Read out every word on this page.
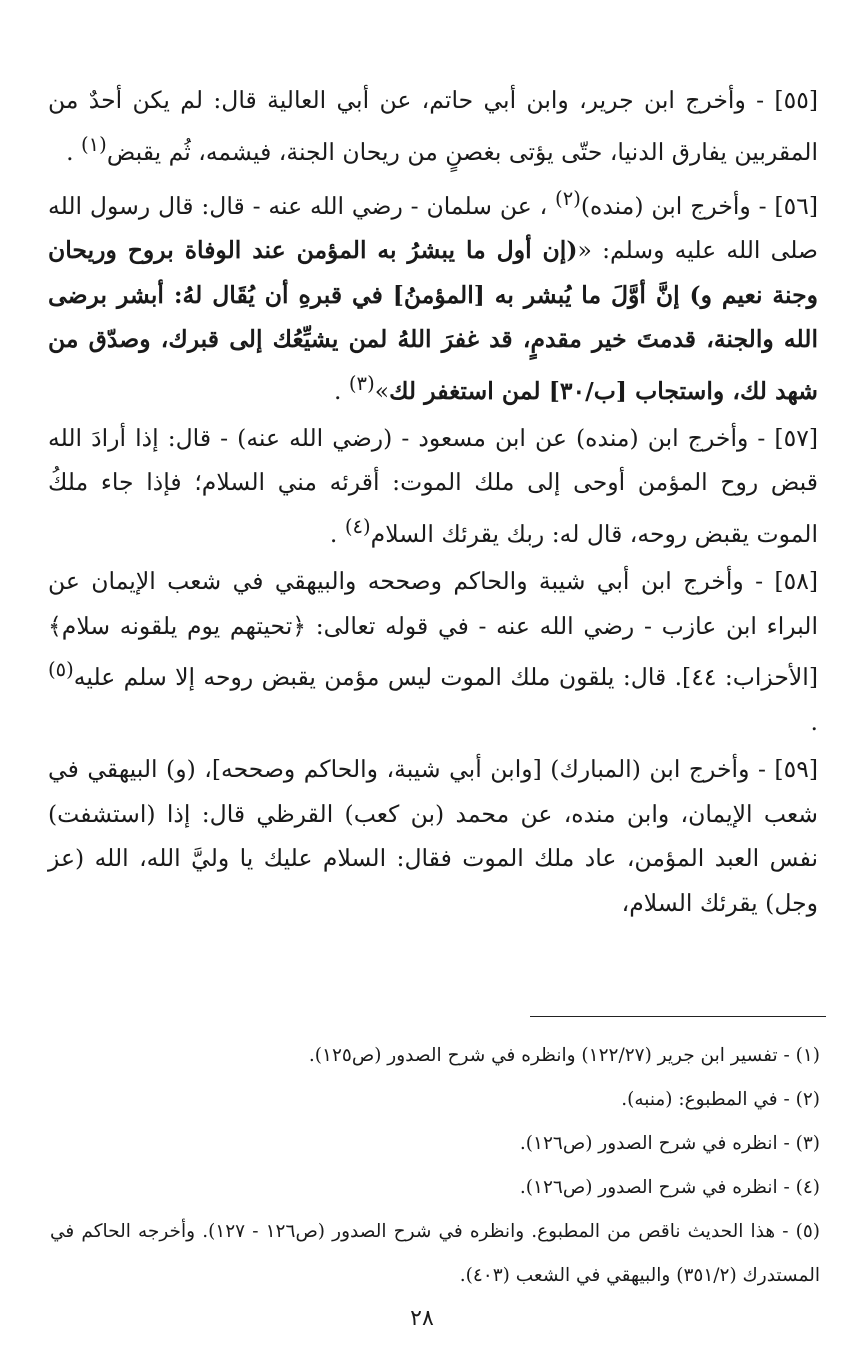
[٥٥] - وأخرج ابن جرير، وابن أبي حاتم، عن أبي العالية قال: لم يكن أحدٌ من المقربين يفارق الدنيا، حتّى يؤتى بغصنٍ من ريحان الجنة، فيشمه، ثُم يقبض$^{(١)}$ .

[٥٦] - وأخرج ابن (منده)$^{(٢)}$ ، عن سلمان - رضي الله عنه - قال: قال رسول الله صلى الله عليه وسلم: «(إن أول ما يبشرُ به المؤمن عند الوفاة بروح وريحان وجنة نعيم و) إنَّ أوَّلَ ما يُبشر به [المؤمنُ] في قبرهِ أن يُقَال لهُ: أبشر برضى الله والجنة، قدمتَ خير مقدمٍ، قد غفرَ اللهُ لمن يشيِّعُك إلى قبرك، وصدّق من شهد لك، واستجاب [ب/٣٠] لمن استغفر لك»$^{(٣)}$ .

[٥٧] - وأخرج ابن (منده) عن ابن مسعود - (رضي الله عنه) - قال: إذا أرادَ الله قبض روح المؤمن أوحى إلى ملك الموت: أقرئه مني السلام؛ فإذا جاء ملكُ الموت يقبض روحه، قال له: ربك يقرئك السلام$^{(٤)}$ .

[٥٨] - وأخرج ابن أبي شيبة والحاكم وصححه والبيهقي في شعب الإيمان عن البراء ابن عازب - رضي الله عنه - في قوله تعالى: ﴿تحيتهم يوم يلقونه سلام﴾[الأحزاب: ٤٤]. قال: يلقون ملك الموت ليس مؤمن يقبض روحه إلا سلم عليه$^{(٥)}$ .

[٥٩] - وأخرج ابن (المبارك) [وابن أبي شيبة، والحاكم وصححه]، (و) البيهقي في شعب الإيمان، وابن منده، عن محمد (بن كعب) القرظي قال: إذا (استشفت) نفس العبد المؤمن، عاد ملك الموت فقال: السلام عليك يا وليَّ الله، الله (عز وجل) يقرئك السلام،

(١) - تفسير ابن جرير (١٢٢/٢٧) وانظره في شرح الصدور (ص١٢٥).

(٢) - في المطبوع: (منبه).

(٣) - انظره في شرح الصدور (ص١٢٦).

(٤) - انظره في شرح الصدور (ص١٢٦).

(٥) - هذا الحديث ناقص من المطبوع. وانظره في شرح الصدور (ص١٢٦ - ١٢٧). وأخرجه الحاكم في المستدرك (٣٥١/٢) والبيهقي في الشعب (٤٠٣).

٢٨
